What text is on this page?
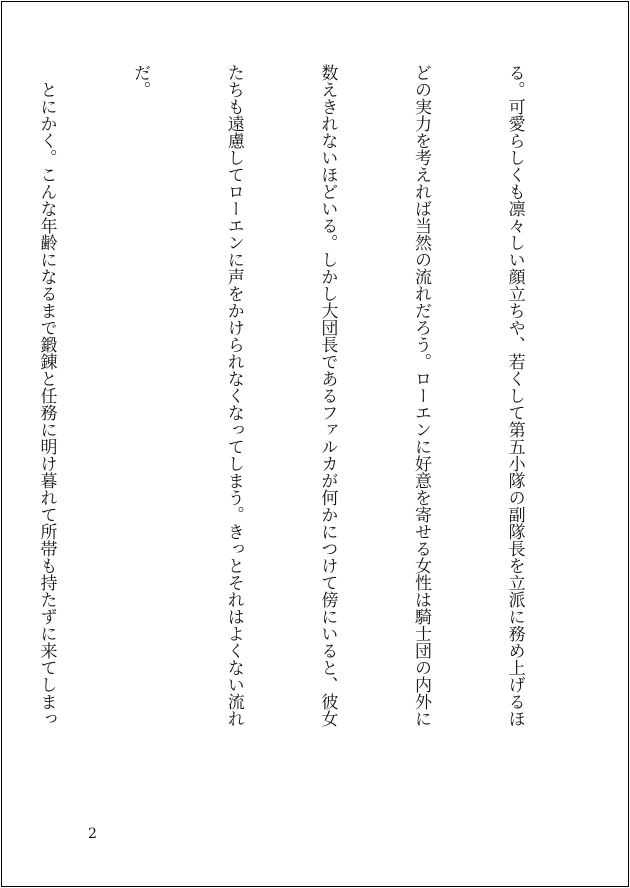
る。可愛らしくも凛々しい顔立ちや、若くして第五小隊の副隊長を立派に務め上げるほ

どの実力を考えれば当然の流れだろう。ローエンに好意を寄せる女性は騎士団の内外に

数えきれないほどいる。しかし大団長であるファルカが何かにつけて傍にいると、彼女

たちも遠慮してローエンに声をかけられなくなってしまう。きっとそれはよくない流れ

だ。

　とにかく。こんな年齢になるまで鍛錬と任務に明け暮れて所帯も持たずに来てしまっ

2
